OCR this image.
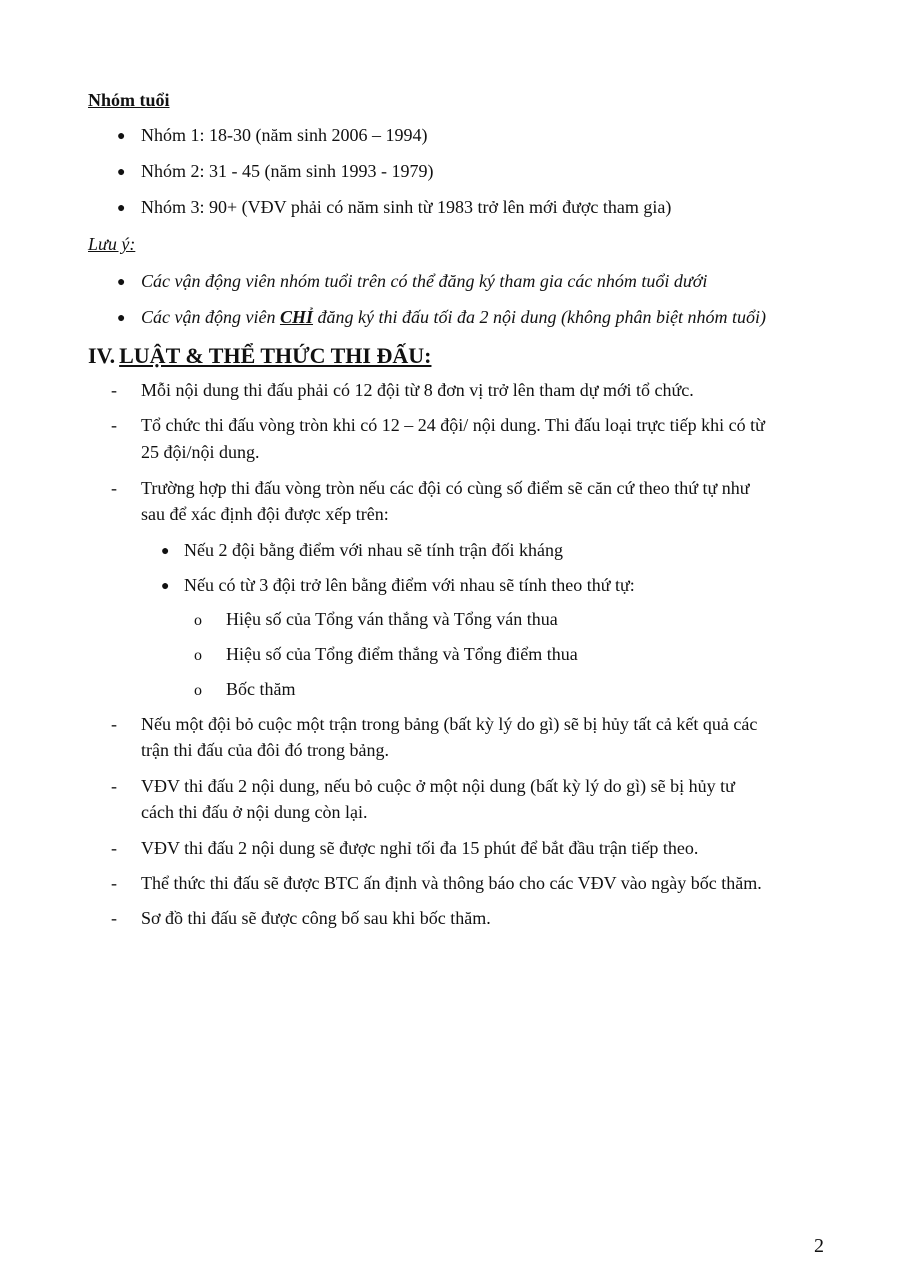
Nhóm tuổi
● Nhóm 1: 18-30 (năm sinh 2006 – 1994)
● Nhóm 2: 31 - 45 (năm sinh 1993 - 1979)
● Nhóm 3: 90+ (VĐV phải có năm sinh từ 1983 trở lên mới được tham gia)
Lưu ý:
● Các vận động viên nhóm tuổi trên có thể đăng ký tham gia các nhóm tuổi dưới
● Các vận động viên CHỈ đăng ký thi đấu tối đa 2 nội dung (không phân biệt nhóm tuổi)
IV. LUẬT & THỂ THỨC THI ĐẤU:
- Mỗi nội dung thi đấu phải có 12 đội từ 8 đơn vị trở lên tham dự mới tổ chức.
- Tổ chức thi đấu vòng tròn khi có 12 – 24 đội/ nội dung. Thi đấu loại trực tiếp khi có từ
25 đội/nội dung.
- Trường hợp thi đấu vòng tròn nếu các đội có cùng số điểm sẽ căn cứ theo thứ tự như
sau để xác định đội được xếp trên:
● Nếu 2 đội bằng điểm với nhau sẽ tính trận đối kháng
● Nếu có từ 3 đội trở lên bằng điểm với nhau sẽ tính theo thứ tự:
o Hiệu số của Tổng ván thắng và Tổng ván thua
o Hiệu số của Tổng điểm thắng và Tổng điểm thua
o Bốc thăm
- Nếu một đội bỏ cuộc một trận trong bảng (bất kỳ lý do gì) sẽ bị hủy tất cả kết quả các
trận thi đấu của đôi đó trong bảng.
- VĐV thi đấu 2 nội dung, nếu bỏ cuộc ở một nội dung (bất kỳ lý do gì) sẽ bị hủy tư
cách thi đấu ở nội dung còn lại.
- VĐV thi đấu 2 nội dung sẽ được nghỉ tối đa 15 phút để bắt đầu trận tiếp theo.
- Thể thức thi đấu sẽ được BTC ấn định và thông báo cho các VĐV vào ngày bốc thăm.
- Sơ đồ thi đấu sẽ được công bố sau khi bốc thăm.
2
